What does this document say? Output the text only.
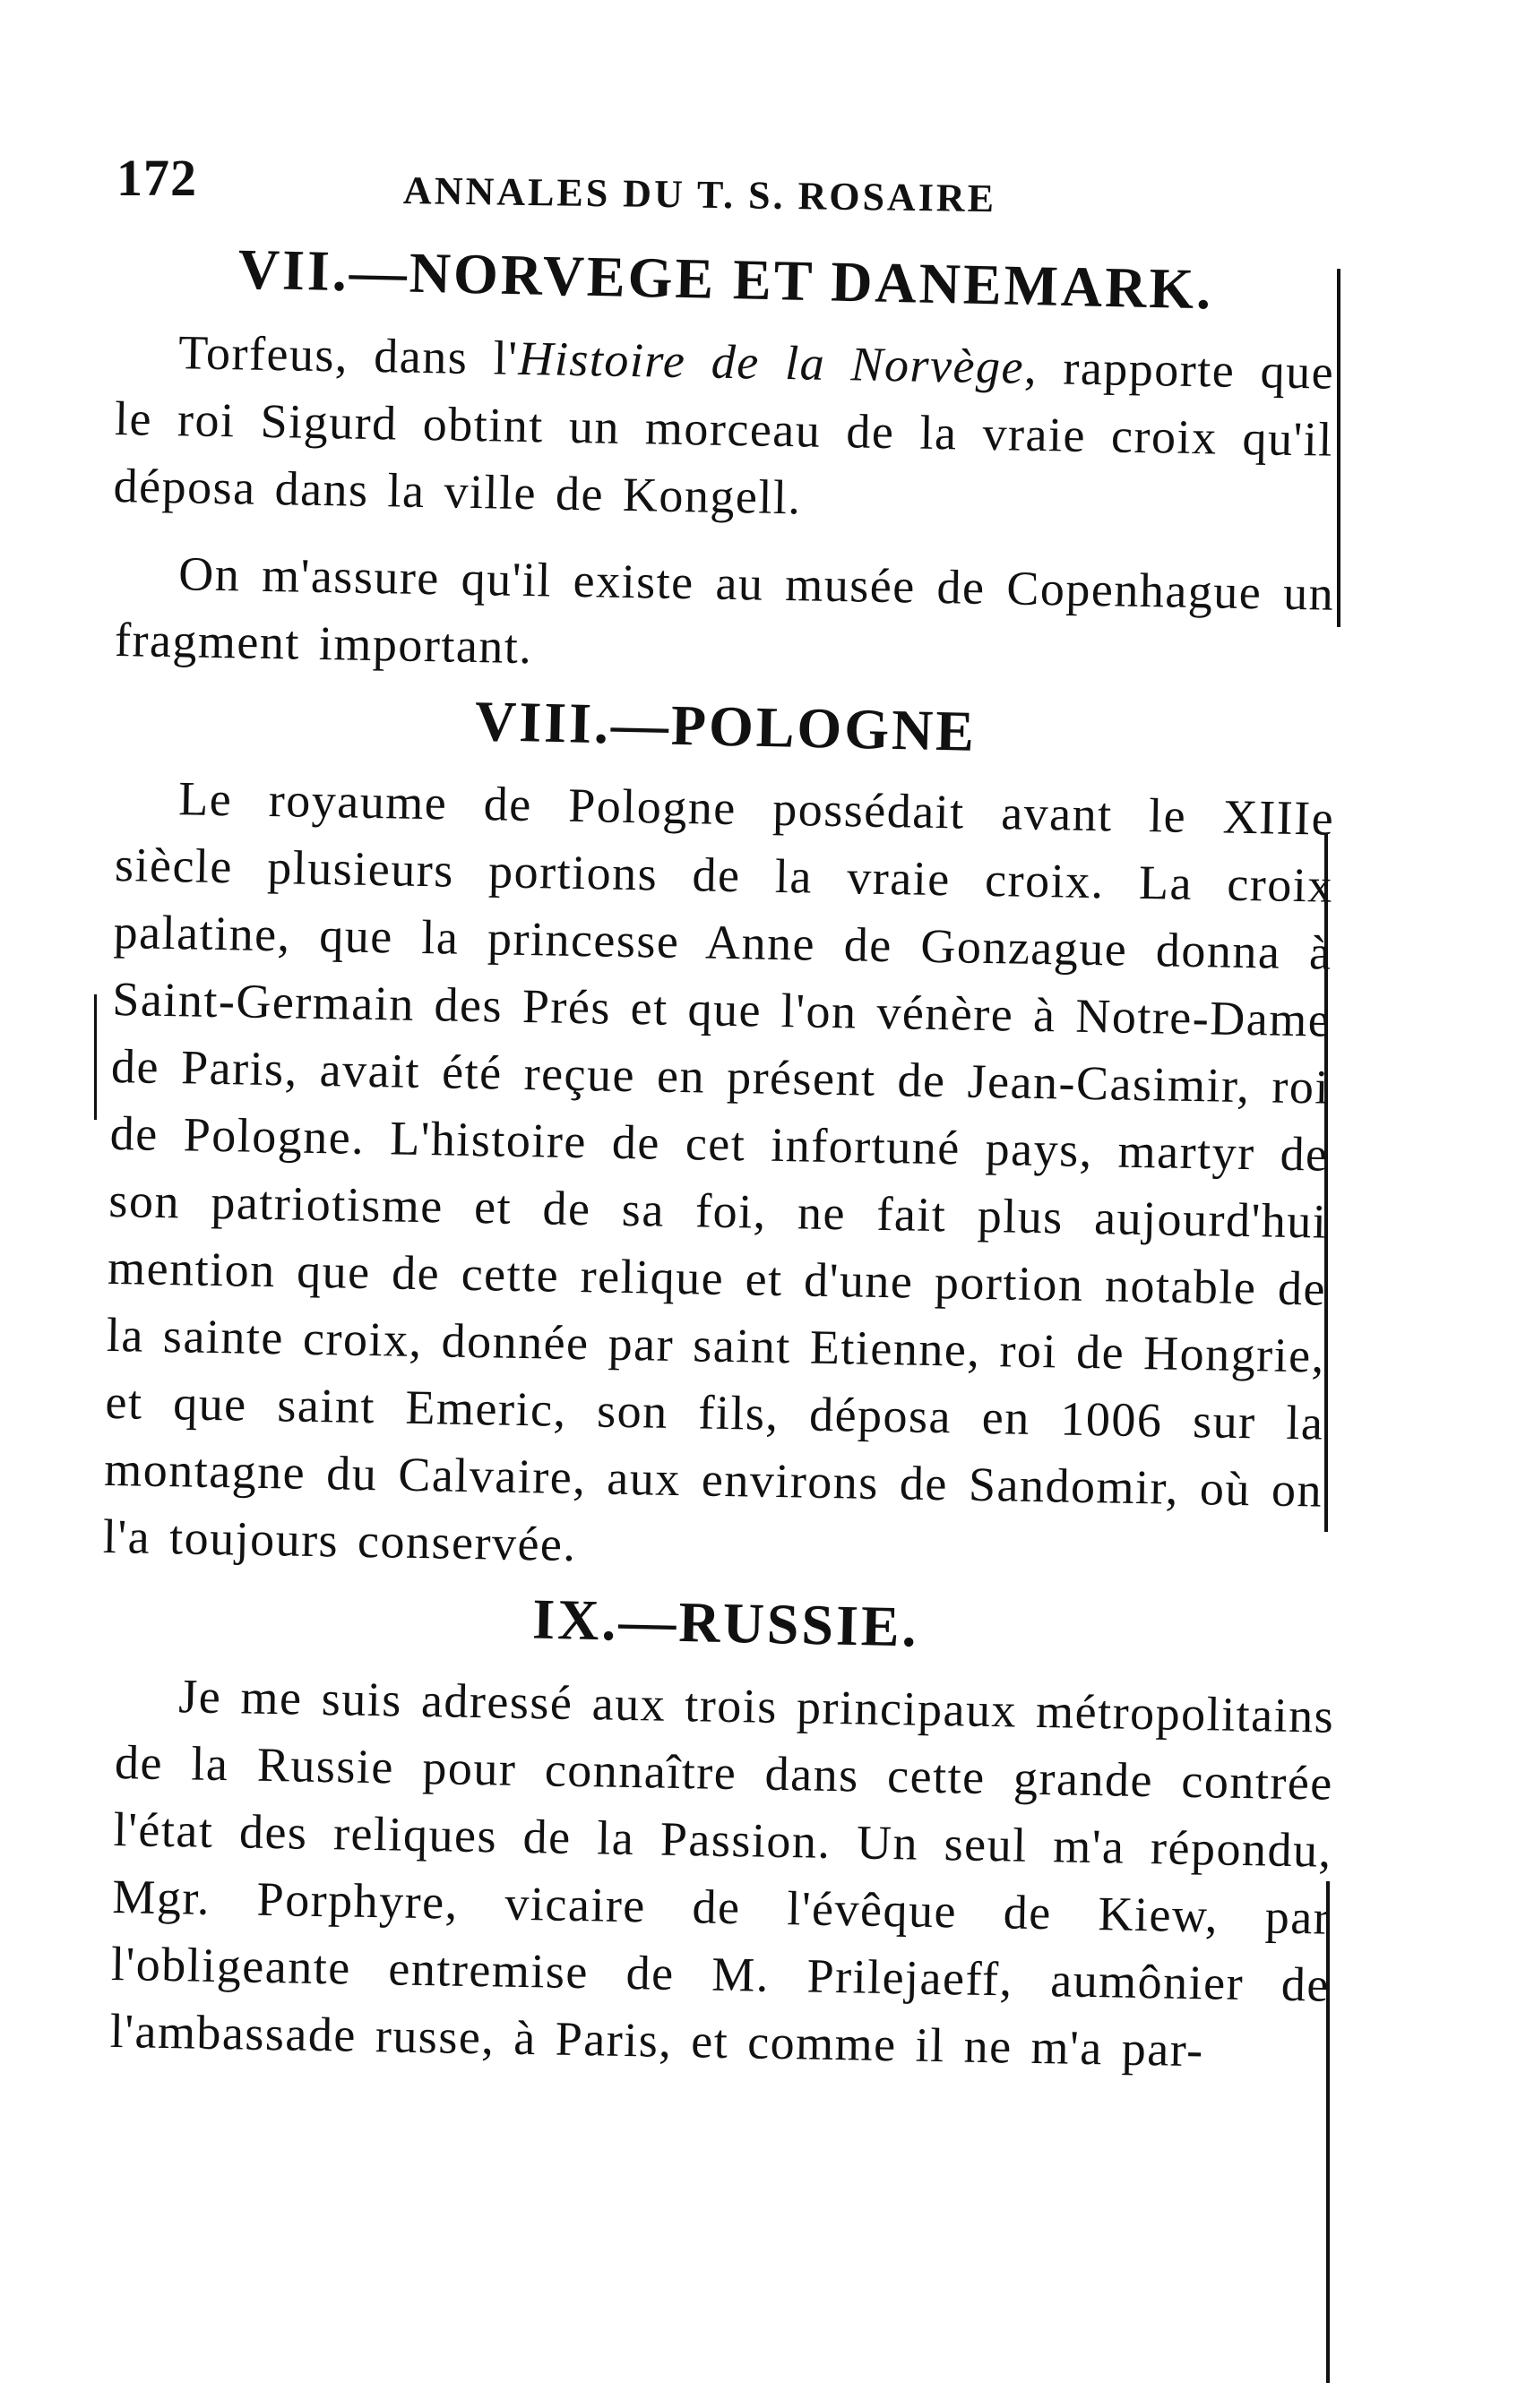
172	ANNALES DU T. S. ROSAIRE
VII.—NORVEGE ET DANEMARK.

Torfeus, dans l'Histoire de la Norvège, rapporte que le roi Sigurd obtint un morceau de la vraie croix qu'il déposa dans la ville de Kongell.

On m'assure qu'il existe au musée de Copenhague un fragment important.

VIII.—POLOGNE

Le royaume de Pologne possédait avant le XIIIe siècle plusieurs portions de la vraie croix. La croix palatine, que la princesse Anne de Gonzague donna à Saint-Germain des Prés et que l'on vénère à Notre-Dame de Paris, avait été reçue en présent de Jean-Casimir, roi de Pologne. L'histoire de cet infortuné pays, martyr de son patriotisme et de sa foi, ne fait plus aujourd'hui mention que de cette relique et d'une portion notable de la sainte croix, donnée par saint Etienne, roi de Hongrie, et que saint Emeric, son fils, déposa en 1006 sur la montagne du Calvaire, aux environs de Sandomir, où on l'a toujours conservée.

IX.—RUSSIE.

Je me suis adressé aux trois principaux métropolitains de la Russie pour connaître dans cette grande contrée l'état des reliques de la Passion. Un seul m'a répondu, Mgr. Porphyre, vicaire de l'évêque de Kiew, par l'obligeante entremise de M. Prilejaeff, aumônier de l'ambassade russe, à Paris, et comme il ne m'a par-
